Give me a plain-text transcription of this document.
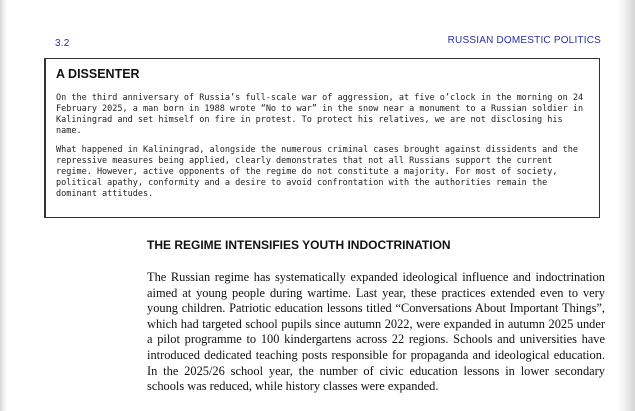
3.2	RUSSIAN DOMESTIC POLITICS
A DISSENTER

On the third anniversary of Russia’s full-scale war of aggression, at five o’clock in the morning on 24 February 2025, a man born in 1988 wrote “No to war” in the snow near a monument to a Russian soldier in Kaliningrad and set himself on fire in protest. To protect his relatives, we are not disclosing his name.

What happened in Kaliningrad, alongside the numerous criminal cases brought against dissidents and the repressive measures being applied, clearly demonstrates that not all Russians support the current regime. However, active opponents of the regime do not constitute a majority. For most of society, political apathy, conformity and a desire to avoid confrontation with the authorities remain the dominant attitudes.

THE REGIME INTENSIFIES YOUTH INDOCTRINATION

The Russian regime has systematically expanded ideological influence and indoctrination aimed at young people during wartime. Last year, these practices extended even to very young children. Patriotic education lessons titled “Conversations About Important Things”, which had targeted school pupils since autumn 2022, were expanded in autumn 2025 under a pilot programme to 100 kindergartens across 22 regions. Schools and universities have introduced dedicated teaching posts responsible for propaganda and ideological education. In the 2025/26 school year, the number of civic education lessons in lower secondary schools was reduced, while history classes were expanded.
